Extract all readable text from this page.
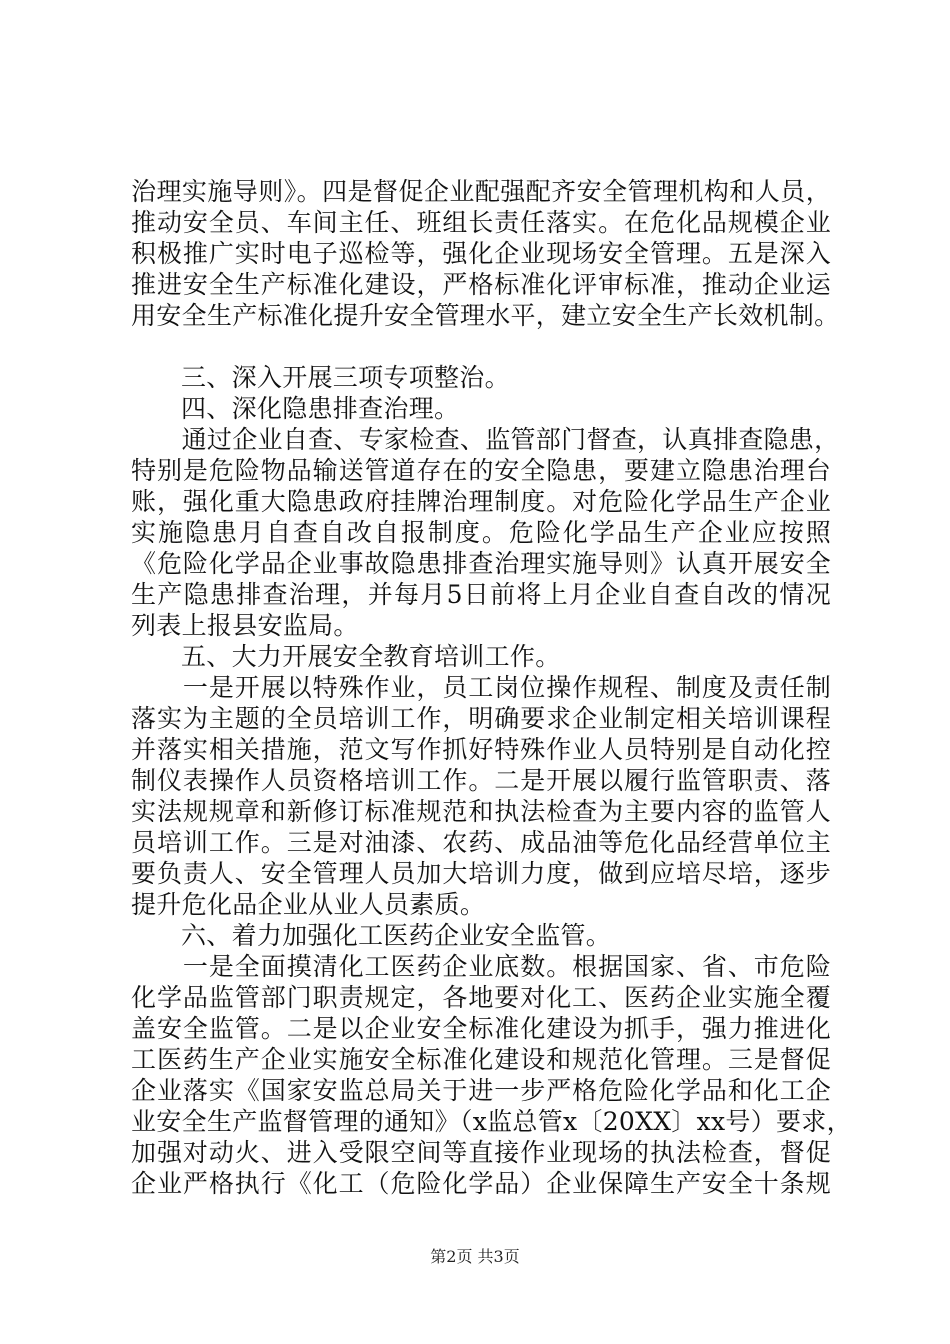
治理实施导则》。四是督促企业配强配齐安全管理机构和人员，
推动安全员、车间主任、班组长责任落实。在危化品规模企业
积极推广实时电子巡检等，强化企业现场安全管理。五是深入
推进安全生产标准化建设，严格标准化评审标准，推动企业运
用安全生产标准化提升安全管理水平，建立安全生产长效机制。
三、深入开展三项专项整治。
四、深化隐患排查治理。
　　通过企业自查、专家检查、监管部门督查，认真排查隐患，
特别是危险物品输送管道存在的安全隐患，要建立隐患治理台
账，强化重大隐患政府挂牌治理制度。对危险化学品生产企业
实施隐患月自查自改自报制度。危险化学品生产企业应按照
《危险化学品企业事故隐患排查治理实施导则》认真开展安全
生产隐患排查治理，并每月5日前将上月企业自查自改的情况
列表上报县安监局。
五、大力开展安全教育培训工作。
　　一是开展以特殊作业，员工岗位操作规程、制度及责任制
落实为主题的全员培训工作，明确要求企业制定相关培训课程
并落实相关措施，范文写作抓好特殊作业人员特别是自动化控
制仪表操作人员资格培训工作。二是开展以履行监管职责、落
实法规规章和新修订标准规范和执法检查为主要内容的监管人
员培训工作。三是对油漆、农药、成品油等危化品经营单位主
要负责人、安全管理人员加大培训力度，做到应培尽培，逐步
提升危化品企业从业人员素质。
六、着力加强化工医药企业安全监管。
　　一是全面摸清化工医药企业底数。根据国家、省、市危险
化学品监管部门职责规定，各地要对化工、医药企业实施全覆
盖安全监管。二是以企业安全标准化建设为抓手，强力推进化
工医药生产企业实施安全标准化建设和规范化管理。三是督促
企业落实《国家安监总局关于进一步严格危险化学品和化工企
业安全生产监督管理的通知》（x监总管x〔20XX〕xx号）要求，
加强对动火、进入受限空间等直接作业现场的执法检查，督促
企业严格执行《化工（危险化学品）企业保障生产安全十条规
第2页 共3页
